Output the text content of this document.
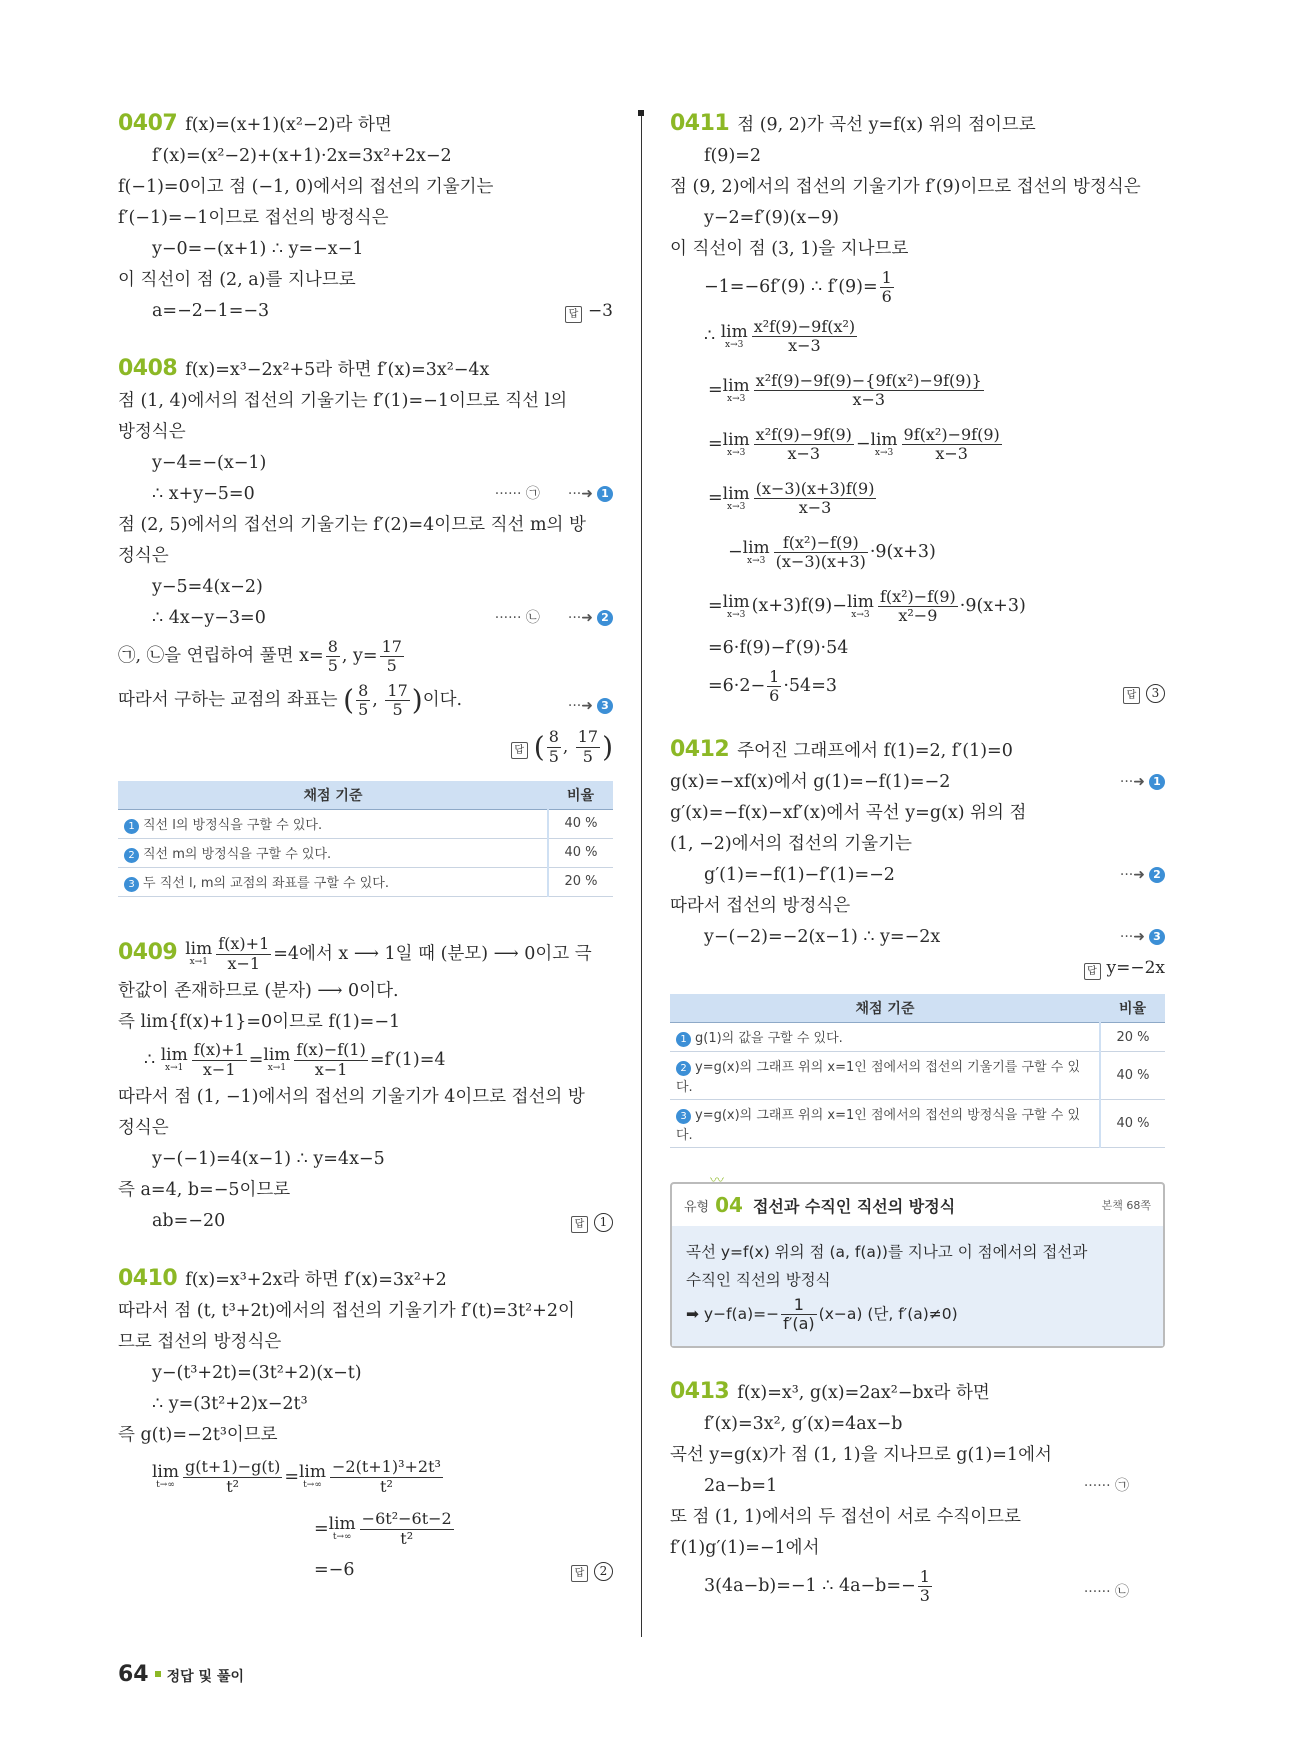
0407 f(x)=(x+1)(x²−2)라 하면
f′(x)=(x²−2)+(x+1)·2x=3x²+2x−2
f(−1)=0이고 점 (−1, 0)에서의 접선의 기울기는
f′(−1)=−1이므로 접선의 방정식은
y−0=−(x+1) ∴ y=−x−1
이 직선이 점 (2, a)를 지나므로
a=−2−1=−3	답 −3
0408 f(x)=x³−2x²+5라 하면 f′(x)=3x²−4x
점 (1, 4)에서의 접선의 기울기는 f′(1)=−1이므로 직선 l의
방정식은
y−4=−(x−1)
∴ x+y−5=0	······ ㉠ ···➜ 1
점 (2, 5)에서의 접선의 기울기는 f′(2)=4이므로 직선 m의 방
정식은
y−5=4(x−2)
∴ 4x−y−3=0	······ ㉡ ···➜ 2
㉠, ㉡을 연립하여 풀면 $x= \frac{8}{5}$ , $y= \frac{17}{5}$
따라서 구하는 교점의 좌표는 ( $\frac{8}{5}$ , $\frac{17}{5}$ )이다.	···➜ 3
답 ( $\frac{8}{5}$ , $\frac{17}{5}$ )
채점 기준	비율
1 직선 l의 방정식을 구할 수 있다.	40 %
2 직선 m의 방정식을 구할 수 있다.	40 %
3 두 직선 l, m의 교점의 좌표를 구할 수 있다.	20 %
0409 lim
$x\to 1 \frac{f(x)+1}{x-1} =4$에서 x ⟶ 1일 때 (분모) ⟶ 0이고 극
한값이 존재하므로 (분자) ⟶ 0이다.
즉 lim{f(x)+1}=0이므로 f(1)=−1
∴ lim
$x\to 1 \frac{f(x)+1}{x-1} = \lim$
$x\to 1 \frac{f(x)-f(1)}{x-1} =f'(1)=4$
따라서 점 (1, −1)에서의 접선의 기울기가 4이므로 접선의 방
정식은
y−(−1)=4(x−1) ∴ y=4x−5
즉 a=4, b=−5이므로
ab=−20	답 1
0410 f(x)=x³+2x라 하면 f′(x)=3x²+2
따라서 점 (t, t³+2t)에서의 접선의 기울기가 f′(t)=3t²+2이
므로 접선의 방정식은
y−(t³+2t)=(3t²+2)(x−t)
∴ y=(3t²+2)x−2t³
즉 g(t)=−2t³이므로
lim
$t\to\infty \frac{g(t+1)-g(t)}{\text{t²}} = \lim$
$t\to\infty \frac{\text{−2(t+1)³+2t³}}{\text{t²}}$
= lim
$t\to\infty \frac{\text{−6t²−6t−2}}{\text{t²}}$
=−6	답 2
0411 점 (9, 2)가 곡선 y=f(x) 위의 점이므로
f(9)=2
점 (9, 2)에서의 접선의 기울기가 f′(9)이므로 접선의 방정식은
y−2=f′(9)(x−9)
이 직선이 점 (3, 1)을 지나므로
−1=−6f′(9) ∴ $f'(9)= \frac{1}{6}$
∴ lim
$x\to 3 \frac{\text{x²f(9)−9f(x²)}}{x-3}$
= lim
$x\to 3 \frac{\text{x²f(9)−9f(9)−\{9f(x²)−9f(9)\}}}{x-3}$
= lim
$x\to 3 \frac{\text{x²f(9)−9f(9)}}{x-3} - \lim$
$x\to 3 \frac{\text{9f(x²)−9f(9)}}{x-3}$
= lim
$x\to 3 \frac{(x-3)(x+3)f(9)}{x-3}$
− lim
$x\to 3 \frac{\text{f(x²)−f(9)}}{(x-3)(x+3)} \cdot 9(x+3)$
= lim
x→3 (x+3)f(9)− lim
$x\to 3 \frac{\text{f(x²)−f(9)}}{\text{x²−9}} \cdot 9(x+3)$
=6·f(9)−f′(9)·54
$=6\cdot 2- \frac{1}{6} \cdot 54=3$	답 3
0412 주어진 그래프에서 f(1)=2, f′(1)=0
g(x)=−xf(x)에서 g(1)=−f(1)=−2	···➜ 1
g′(x)=−f(x)−xf′(x)에서 곡선 y=g(x) 위의 점
(1, −2)에서의 접선의 기울기는
g′(1)=−f(1)−f′(1)=−2	···➜ 2
따라서 접선의 방정식은
y−(−2)=−2(x−1) ∴ y=−2x	···➜ 3
답 y=−2x
채점 기준	비율
1 g(1)의 값을 구할 수 있다.	20 %
2 y=g(x)의 그래프 위의 x=1인 점에서의 접선의 기울기를 구할 수 있다.	40 %
3 y=g(x)의 그래프 위의 x=1인 점에서의 접선의 방정식을 구할 수 있다.	40 %
〰
유형 04 접선과 수직인 직선의 방정식	본책 68쪽
곡선 y=f(x) 위의 점 (a, f(a))를 지나고 이 점에서의 접선과
수직인 직선의 방정식
➡ $y-f(a)=- \frac{1}{f'(a)} (x-a)$ (단, f′(a)≠0)
0413 f(x)=x³, g(x)=2ax²−bx라 하면
f′(x)=3x², g′(x)=4ax−b
곡선 y=g(x)가 점 (1, 1)을 지나므로 g(1)=1에서
2a−b=1	······ ㉠
또 점 (1, 1)에서의 두 접선이 서로 수직이므로
f′(1)g′(1)=−1에서
3(4a−b)=−1 ∴ $4a-b=- \frac{1}{3}$	······ ㉡
64 정답 및 풀이
